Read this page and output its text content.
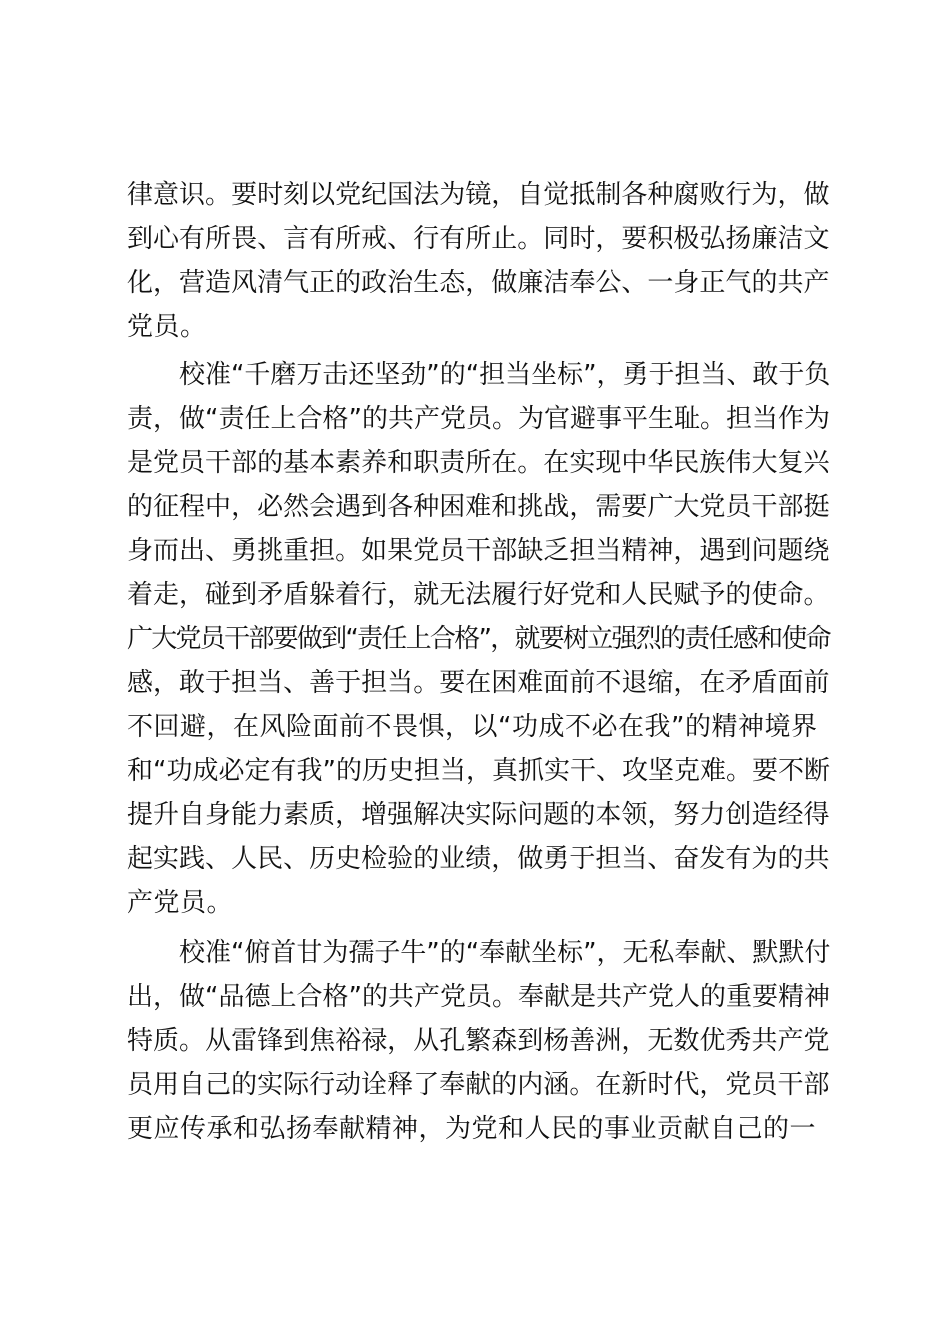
律意识。要时刻以党纪国法为镜，自觉抵制各种腐败行为，做
到心有所畏、言有所戒、行有所止。同时，要积极弘扬廉洁文
化，营造风清气正的政治生态，做廉洁奉公、一身正气的共产
党员。
校准“千磨万击还坚劲”的“担当坐标”，勇于担当、敢于负
责，做“责任上合格”的共产党员。为官避事平生耻。担当作为
是党员干部的基本素养和职责所在。在实现中华民族伟大复兴
的征程中，必然会遇到各种困难和挑战，需要广大党员干部挺
身而出、勇挑重担。如果党员干部缺乏担当精神，遇到问题绕
着走，碰到矛盾躲着行，就无法履行好党和人民赋予的使命。
广大党员干部要做到“责任上合格”，就要树立强烈的责任感和使命
感，敢于担当、善于担当。要在困难面前不退缩，在矛盾面前
不回避，在风险面前不畏惧，以“功成不必在我”的精神境界
和“功成必定有我”的历史担当，真抓实干、攻坚克难。要不断
提升自身能力素质，增强解决实际问题的本领，努力创造经得
起实践、人民、历史检验的业绩，做勇于担当、奋发有为的共
产党员。
校准“俯首甘为孺子牛”的“奉献坐标”，无私奉献、默默付
出，做“品德上合格”的共产党员。奉献是共产党人的重要精神
特质。从雷锋到焦裕禄，从孔繁森到杨善洲，无数优秀共产党
员用自己的实际行动诠释了奉献的内涵。在新时代，党员干部
更应传承和弘扬奉献精神，为党和人民的事业贡献自己的一
